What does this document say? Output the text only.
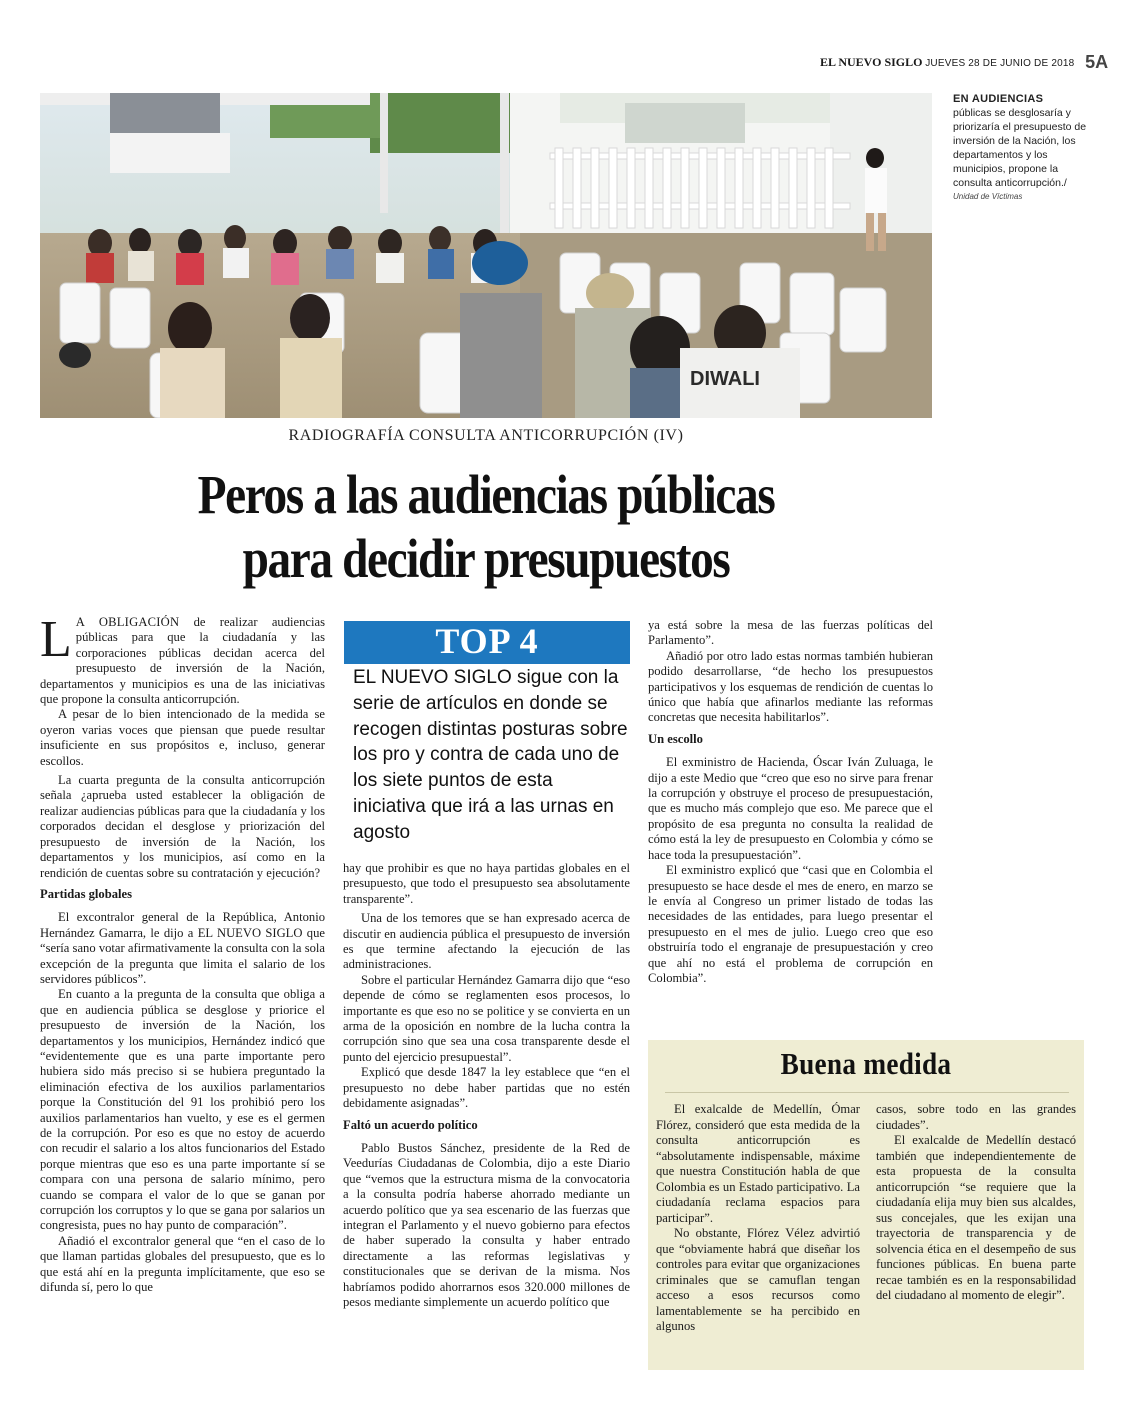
EL NUEVO SIGLO JUEVES 28 DE JUNIO DE 2018 5A
DIWALI
EN AUDIENCIAS
públicas se desglosaría y priorizaría el presupuesto de inversión de la Nación, los departamentos y los municipios, propone la consulta anticorrupción./
Unidad de Víctimas
RADIOGRAFÍA CONSULTA ANTICORRUPCIÓN (IV)
Peros a las audiencias públicas
para decidir presupuestos

L A OBLIGACIÓN de realizar audiencias públicas para que la ciudadanía y las corporaciones públicas decidan acerca del presupuesto de inversión de la Nación, departamentos y municipios es una de las iniciativas que propone la consulta anticorrupción.

A pesar de lo bien intencionado de la medida se oyeron varias voces que piensan que puede resultar insuficiente en sus propósitos e, incluso, generar escollos.

La cuarta pregunta de la consulta anticorrupción señala ¿aprueba usted establecer la obligación de realizar audiencias públicas para que la ciudadanía y los corporados decidan el desglose y priorización del presupuesto de inversión de la Nación, los departamentos y los municipios, así como en la rendición de cuentas sobre su contratación y ejecución?

Partidas globales

El excontralor general de la República, Antonio Hernández Gamarra, le dijo a EL NUEVO SIGLO que “sería sano votar afirmativamente la consulta con la sola excepción de la pregunta que limita el salario de los servidores públicos”.

En cuanto a la pregunta de la consulta que obliga a que en audiencia pública se desglose y priorice el presupuesto de inversión de la Nación, los departamentos y los municipios, Hernández indicó que “evidentemente que es una parte importante pero hubiera sido más preciso si se hubiera preguntado la eliminación efectiva de los auxilios parlamentarios porque la Constitución del 91 los prohibió pero los auxilios parlamentarios han vuelto, y ese es el germen de la corrupción. Por eso es que no estoy de acuerdo con recudir el salario a los altos funcionarios del Estado porque mientras que eso es una parte importante sí se compara con una persona de salario mínimo, pero cuando se compara el valor de lo que se ganan por corrupción los corruptos y lo que se gana por salarios un congresista, pues no hay punto de comparación”.

Añadió el excontralor general que “en el caso de lo que llaman partidas globales del presupuesto, que es lo que está ahí en la pregunta implícitamente, que eso se difunda sí, pero lo que

TOP 4
EL NUEVO SIGLO sigue con la serie de artículos en donde se recogen distintas posturas sobre los pro y contra de cada uno de los siete puntos de esta iniciativa que irá a las urnas en agosto

hay que prohibir es que no haya partidas globales en el presupuesto, que todo el presupuesto sea absolutamente transparente”.

Una de los temores que se han expresado acerca de discutir en audiencia pública el presupuesto de inversión es que termine afectando la ejecución de las administraciones.

Sobre el particular Hernández Gamarra dijo que “eso depende de cómo se reglamenten esos procesos, lo importante es que eso no se politice y se convierta en un arma de la oposición en nombre de la lucha contra la corrupción sino que sea una cosa transparente desde el punto del ejercicio presupuestal”.

Explicó que desde 1847 la ley establece que “en el presupuesto no debe haber partidas que no estén debidamente asignadas”.

Faltó un acuerdo político

Pablo Bustos Sánchez, presidente de la Red de Veedurías Ciudadanas de Colombia, dijo a este Diario que “vemos que la estructura misma de la convocatoria a la consulta podría haberse ahorrado mediante un acuerdo político que ya sea escenario de las fuerzas que integran el Parlamento y el nuevo gobierno para efectos de haber superado la consulta y haber entrado directamente a las reformas legislativas y constitucionales que se derivan de la misma. Nos habríamos podido ahorrarnos esos 320.000 millones de pesos mediante simplemente un acuerdo político que

ya está sobre la mesa de las fuerzas políticas del Parlamento”.

Añadió por otro lado estas normas también hubieran podido desarrollarse, “de hecho los presupuestos participativos y los esquemas de rendición de cuentas lo único que había que afinarlos mediante las reformas concretas que necesita habilitarlos”.

Un escollo

El exministro de Hacienda, Óscar Iván Zuluaga, le dijo a este Medio que “creo que eso no sirve para frenar la corrupción y obstruye el proceso de presupuestación, que es mucho más complejo que eso. Me parece que el propósito de esa pregunta no consulta la realidad de cómo está la ley de presupuesto en Colombia y cómo se hace toda la presupuestación”.

El exministro explicó que “casi que en Colombia el presupuesto se hace desde el mes de enero, en marzo se le envía al Congreso un primer listado de todas las necesidades de las entidades, para luego presentar el presupuesto en el mes de julio. Luego creo que eso obstruiría todo el engranaje de presupuestación y creo que ahí no está el problema de corrupción en Colombia”.

Buena medida

El exalcalde de Medellín, Ómar Flórez, consideró que esta medida de la consulta anticorrupción es “absolutamente indispensable, máxime que nuestra Constitución habla de que Colombia es un Estado participativo. La ciudadanía reclama espacios para participar”.

No obstante, Flórez Vélez advirtió que “obviamente habrá que diseñar los controles para evitar que organizaciones criminales que se camuflan tengan acceso a esos recursos como lamentablemente se ha percibido en algunos

casos, sobre todo en las grandes ciudades”.

El exalcalde de Medellín destacó también que independientemente de esta propuesta de la consulta anticorrupción “se requiere que la ciudadanía elija muy bien sus alcaldes, sus concejales, que les exijan una trayectoria de transparencia y de solvencia ética en el desempeño de sus funciones públicas. En buena parte recae también es en la responsabilidad del ciudadano al momento de elegir”.
